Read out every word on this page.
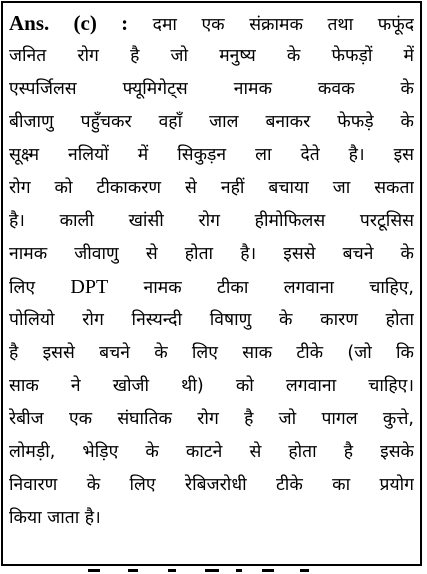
Ans. (c) : दमा एक संक्रामक तथा फफूंद
जनित रोग है जो मनुष्य के फेफड़ों में
एस्पर्जिलस फ्यूमिगेट्स नामक कवक के
बीजाणु पहुँचकर वहाँ जाल बनाकर फेफड़े के
सूक्ष्म नलियों में सिकुड़न ला देते है। इस
रोग को टीकाकरण से नहीं बचाया जा सकता
है। काली खांसी रोग हीमोफिलस परटूसिस
नामक जीवाणु से होता है। इससे बचने के
लिए DPT नामक टीका लगवाना चाहिए,
पोलियो रोग निस्यन्दी विषाणु के कारण होता
है इससे बचने के लिए साक टीके (जो कि
साक ने खोजी थी) को लगवाना चाहिए।
रेबीज एक संघातिक रोग है जो पागल कुत्ते,
लोमड़ी, भेड़िए के काटने से होता है इसके
निवारण के लिए रेबिजरोधी टीके का प्रयोग
किया जाता है।
